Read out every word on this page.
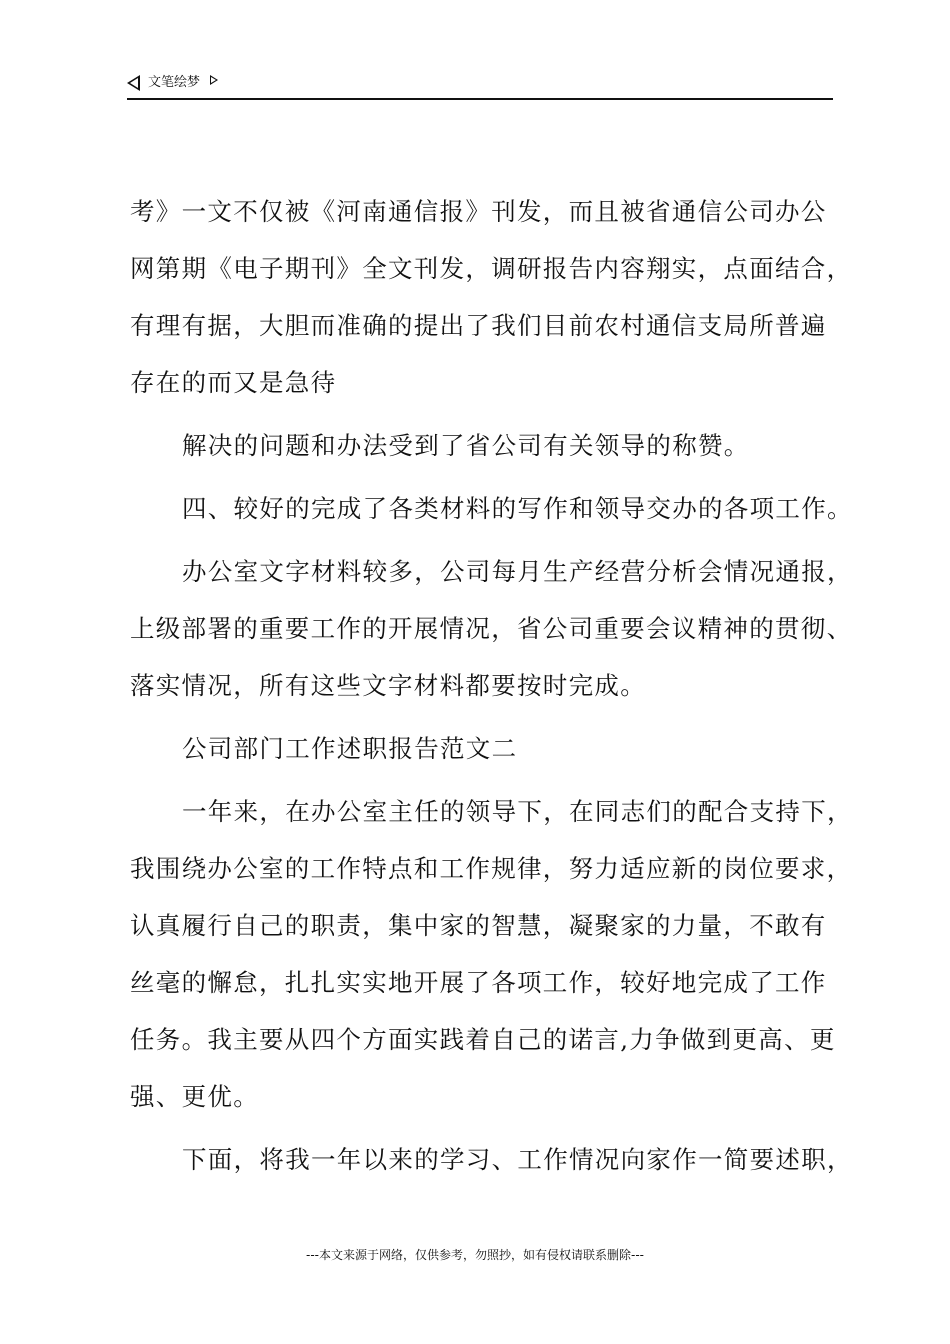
文笔绘梦

考》一文不仅被《河南通信报》刊发，而且被省通信公司办公

网第期《电子期刊》全文刊发，调研报告内容翔实，点面结合，

有理有据，大胆而准确的提出了我们目前农村通信支局所普遍

存在的而又是急待

解决的问题和办法受到了省公司有关领导的称赞。

四、较好的完成了各类材料的写作和领导交办的各项工作。

办公室文字材料较多，公司每月生产经营分析会情况通报，

上级部署的重要工作的开展情况，省公司重要会议精神的贯彻、

落实情况，所有这些文字材料都要按时完成。

公司部门工作述职报告范文二

一年来，在办公室主任的领导下，在同志们的配合支持下，

我围绕办公室的工作特点和工作规律，努力适应新的岗位要求，

认真履行自己的职责，集中家的智慧，凝聚家的力量，不敢有

丝毫的懈怠，扎扎实实地开展了各项工作，较好地完成了工作

任务。我主要从四个方面实践着自己的诺言,力争做到更高、更

强、更优。

下面，将我一年以来的学习、工作情况向家作一简要述职，

---本文来源于网络，仅供参考，勿照抄，如有侵权请联系删除---
